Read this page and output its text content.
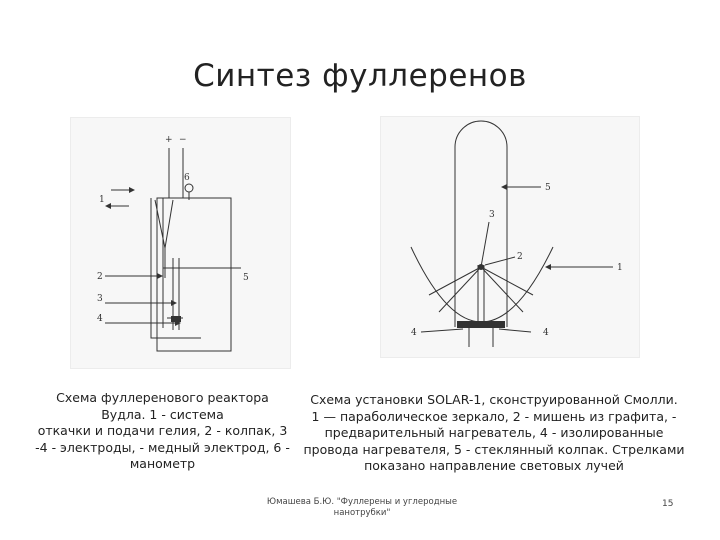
Синтез фуллеренов
+ −
6
1
2
3
4
5
5
3
2
1
4	4
Схема фуллеренового реактора
Вудла. 1 - система
откачки и подачи гелия, 2 - колпак, 3
-4 - электроды, - медный электрод, 6 -
манометр
Схема установки SOLAR-1, сконструированной Смолли.
1 — параболическое зеркало, 2 - мишень из графита, -
предварительный нагреватель, 4 - изолированные
провода нагревателя, 5 - стеклянный колпак. Стрелками
показано направление световых лучей
Юмашева Б.Ю. "Фуллерены и углеродные
нанотрубки"
15
